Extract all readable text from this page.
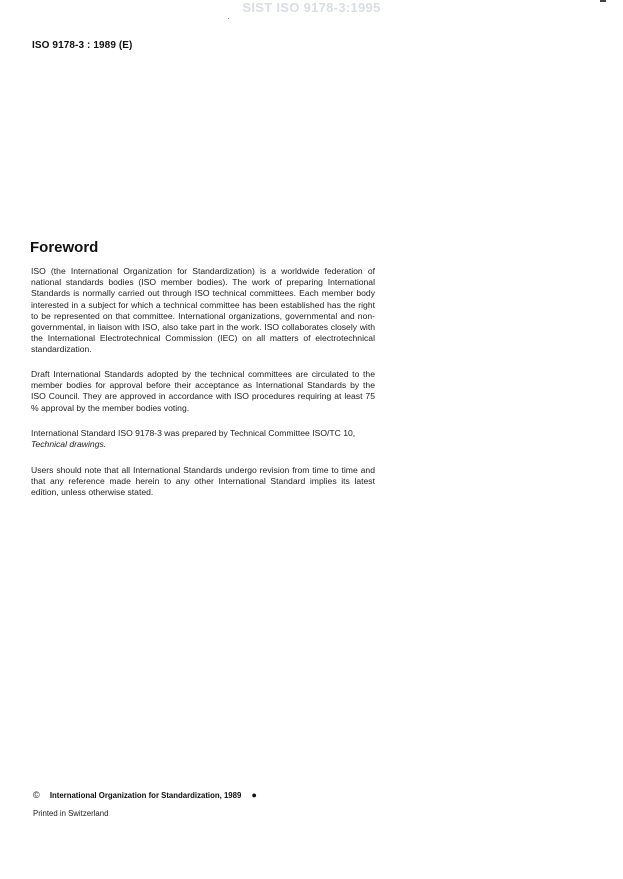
SIST ISO 9178-3:1995
ISO 9178-3 : 1989 (E)
Foreword

ISO (the International Organization for Standardization) is a worldwide federation of national standards bodies (ISO member bodies). The work of preparing International Standards is normally carried out through ISO technical committees. Each member body interested in a subject for which a technical committee has been established has the right to be represented on that committee. International organizations, governmental and non-governmental, in liaison with ISO, also take part in the work. ISO collaborates closely with the International Electrotechnical Commission (IEC) on all matters of electrotechnical standardization.

Draft International Standards adopted by the technical committees are circulated to the member bodies for approval before their acceptance as International Standards by the ISO Council. They are approved in accordance with ISO procedures requiring at least 75 % approval by the member bodies voting.

International Standard ISO 9178-3 was prepared by Technical Committee ISO/TC 10,
Technical drawings.

Users should note that all International Standards undergo revision from time to time and that any reference made herein to any other International Standard implies its latest edition, unless otherwise stated.

© International Organization for Standardization, 1989 ●
Printed in Switzerland
